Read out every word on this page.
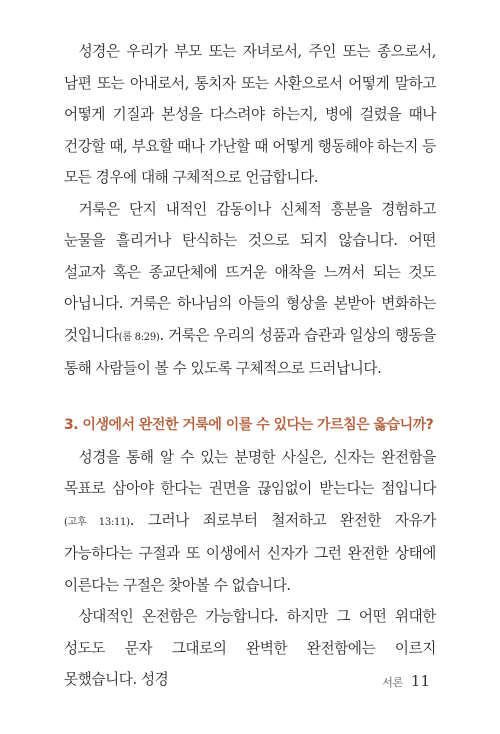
성경은 우리가 부모 또는 자녀로서, 주인 또는 종으로서, 남편 또는 아내로서, 통치자 또는 사환으로서 어떻게 말하고 어떻게 기질과 본성을 다스려야 하는지, 병에 걸렸을 때나 건강할 때, 부요할 때나 가난할 때 어떻게 행동해야 하는지 등 모든 경우에 대해 구체적으로 언급합니다.

거룩은 단지 내적인 감동이나 신체적 흥분을 경험하고 눈물을 흘리거나 탄식하는 것으로 되지 않습니다. 어떤 설교자 혹은 종교단체에 뜨거운 애착을 느껴서 되는 것도 아닙니다. 거룩은 하나님의 아들의 형상을 본받아 변화하는 것입니다(롬 8:29). 거룩은 우리의 성품과 습관과 일상의 행동을 통해 사람들이 볼 수 있도록 구체적으로 드러납니다.

3. 이생에서 완전한 거룩에 이를 수 있다는 가르침은 옳습니까?

성경을 통해 알 수 있는 분명한 사실은, 신자는 완전함을 목표로 삼아야 한다는 권면을 끊임없이 받는다는 점입니다(고후 13:11). 그러나 죄로부터 철저하고 완전한 자유가 가능하다는 구절과 또 이생에서 신자가 그런 완전한 상태에 이른다는 구절은 찾아볼 수 없습니다.

상대적인 온전함은 가능합니다. 하지만 그 어떤 위대한 성도도 문자 그대로의 완벽한 완전함에는 이르지 못했습니다. 성경	서론 11
